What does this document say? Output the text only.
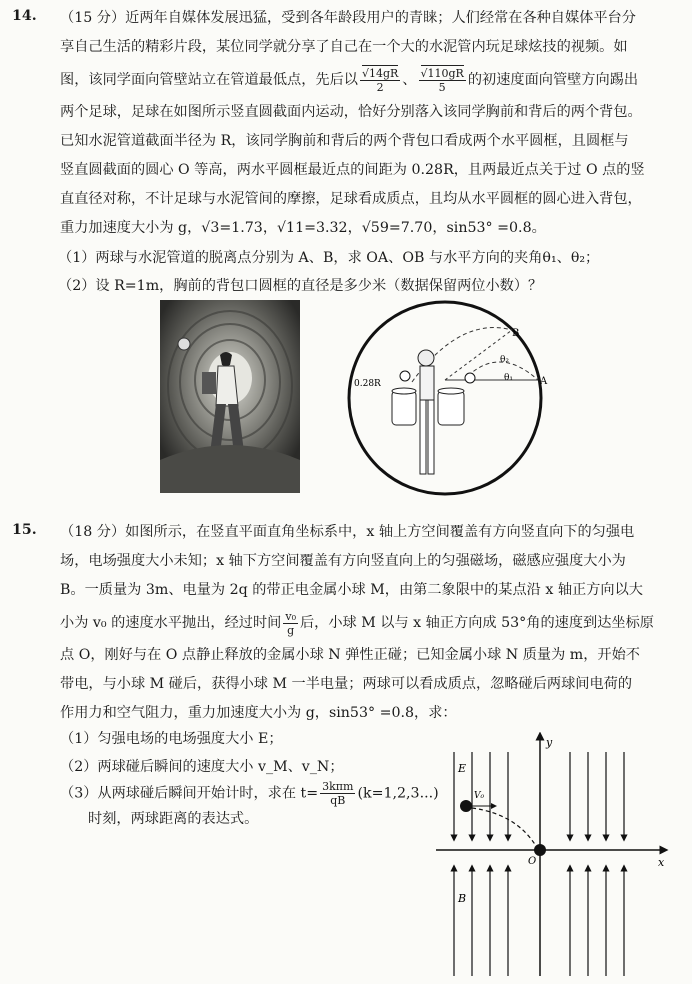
14. （15 分）近两年自媒体发展迅猛，受到各年龄段用户的青睐；人们经常在各种自媒体平台分
享自己生活的精彩片段，某位同学就分享了自己在一个大的水泥管内玩足球炫技的视频。如
图，该同学面向管壁站立在管道最低点，先后以 $\frac{√14gR}{2}$ 、 $\frac{√110gR}{5}$ 的初速度面向管壁方向踢出
两个足球，足球在如图所示竖直圆截面内运动，恰好分别落入该同学胸前和背后的两个背包。
已知水泥管道截面半径为 R，该同学胸前和背后的两个背包口看成两个水平圆框，且圆框与
竖直圆截面的圆心 O 等高，两水平圆框最近点的间距为 0.28R，且两最近点关于过 O 点的竖
直直径对称，不计足球与水泥管间的摩擦，足球看成质点，且均从水平圆框的圆心进入背包，
重力加速度大小为 g，√3=1.73，√11=3.32，√59=7.70，sin53° =0.8。
（1）两球与水泥管道的脱离点分别为 A、B，求 OA、OB 与水平方向的夹角θ₁、θ₂；
（2）设 R=1m，胸前的背包口圆框的直径是多少米（数据保留两位小数）？
B
A
θ₂
θ₁
0.28R
15. （18 分）如图所示，在竖直平面直角坐标系中，x 轴上方空间覆盖有方向竖直向下的匀强电
场，电场强度大小未知；x 轴下方空间覆盖有方向竖直向上的匀强磁场，磁感应强度大小为
B。一质量为 3m、电量为 2q 的带正电金属小球 M，由第二象限中的某点沿 x 轴正方向以大
小为 v₀ 的速度水平抛出，经过时间 $\frac{\text{v₀}}{g}$ 后，小球 M 以与 x 轴正方向成 53°角的速度到达坐标原
点 O，刚好与在 O 点静止释放的金属小球 N 弹性正碰；已知金属小球 N 质量为 m，开始不
带电，与小球 M 碰后，获得小球 M 一半电量；两球可以看成质点，忽略碰后两球间电荷的
作用力和空气阻力，重力加速度大小为 g，sin53° =0.8，求：
（1）匀强电场的电场强度大小 E；
（2）两球碰后瞬间的速度大小 v_M、v_N；
（3）从两球碰后瞬间开始计时，求在 $t= \frac{\text{3kπm}}{qB} (k=1,2,3...)$
时刻，两球距离的表达式。
y
x
E
B
O
V₀
